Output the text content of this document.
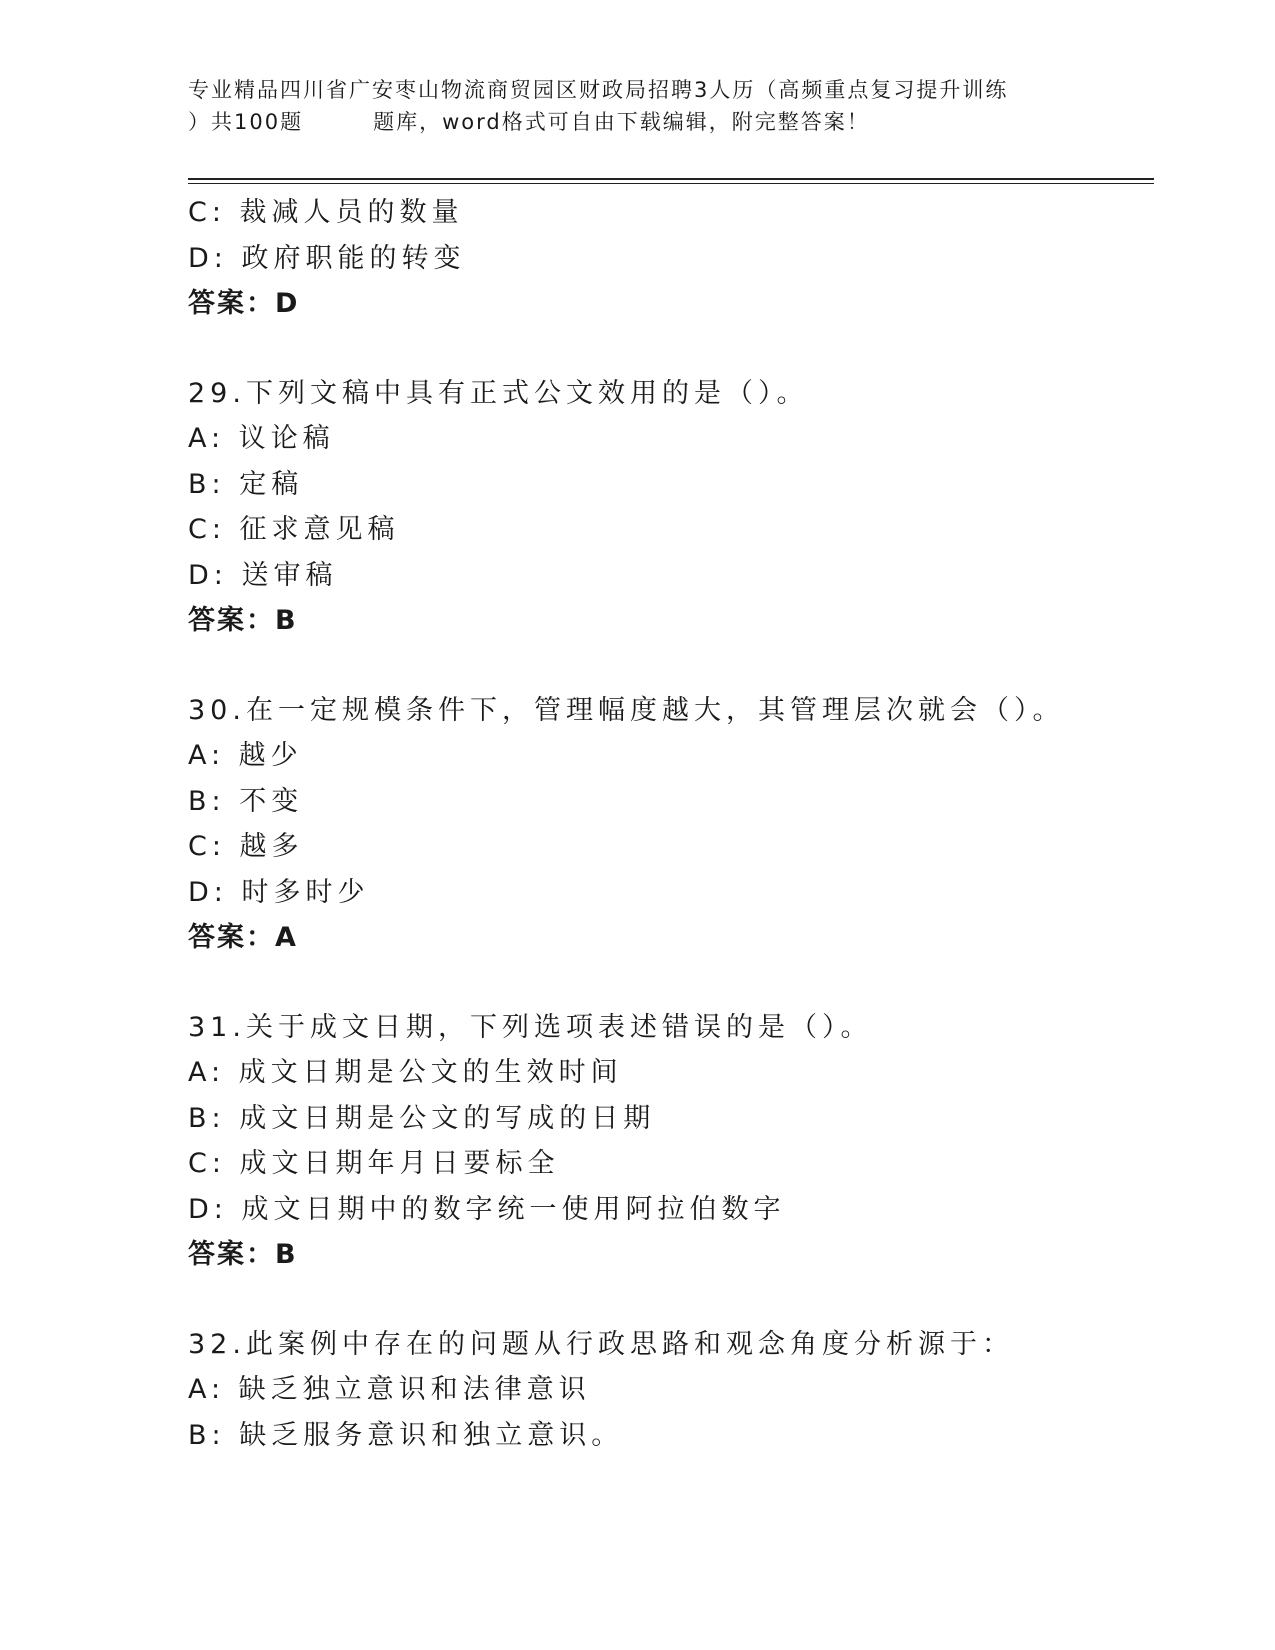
专业精品四川省广安枣山物流商贸园区财政局招聘3人历（高频重点复习提升训练
）共100题	题库，word格式可自由下载编辑，附完整答案！
C: 裁减人员的数量
D: 政府职能的转变
答案：D
29.下列文稿中具有正式公文效用的是（）。
A: 议论稿
B: 定稿
C: 征求意见稿
D: 送审稿
答案：B
30.在一定规模条件下，管理幅度越大，其管理层次就会（）。
A: 越少
B: 不变
C: 越多
D: 时多时少
答案：A
31.关于成文日期，下列选项表述错误的是（）。
A: 成文日期是公文的生效时间
B: 成文日期是公文的写成的日期
C: 成文日期年月日要标全
D: 成文日期中的数字统一使用阿拉伯数字
答案：B
32.此案例中存在的问题从行政思路和观念角度分析源于：
A: 缺乏独立意识和法律意识
B: 缺乏服务意识和独立意识。
